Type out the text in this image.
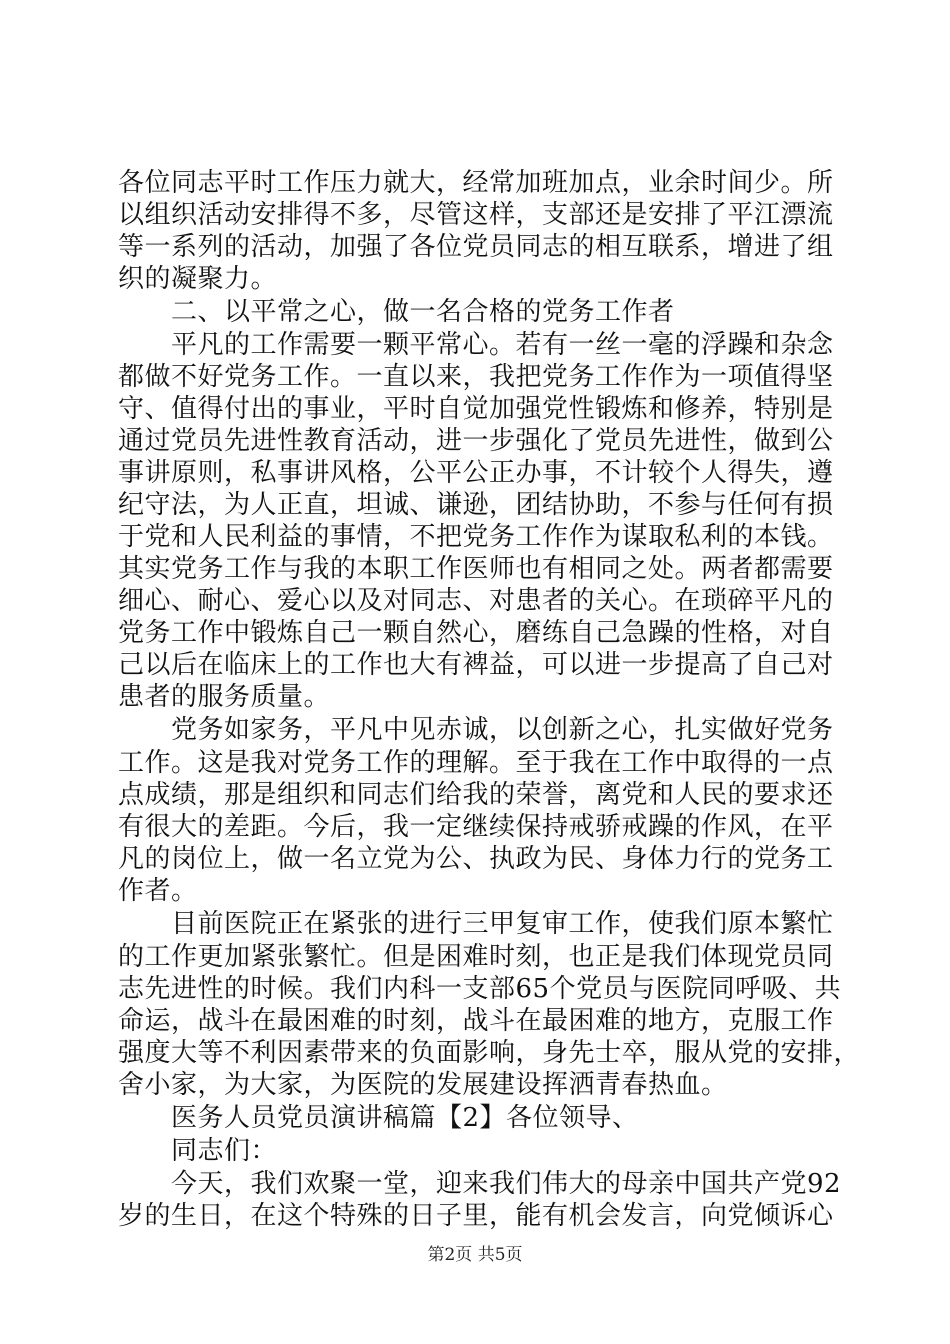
各位同志平时工作压力就大，经常加班加点，业余时间少。所
以组织活动安排得不多，尽管这样，支部还是安排了平江漂流
等一系列的活动，加强了各位党员同志的相互联系，增进了组
织的凝聚力。
　　二、以平常之心，做一名合格的党务工作者
　　平凡的工作需要一颗平常心。若有一丝一毫的浮躁和杂念
都做不好党务工作。一直以来，我把党务工作作为一项值得坚
守、值得付出的事业，平时自觉加强党性锻炼和修养，特别是
通过党员先进性教育活动，进一步强化了党员先进性，做到公
事讲原则，私事讲风格，公平公正办事，不计较个人得失，遵
纪守法，为人正直，坦诚、谦逊，团结协助，不参与任何有损
于党和人民利益的事情，不把党务工作作为谋取私利的本钱。
其实党务工作与我的本职工作医师也有相同之处。两者都需要
细心、耐心、爱心以及对同志、对患者的关心。在琐碎平凡的
党务工作中锻炼自己一颗自然心，磨练自己急躁的性格，对自
己以后在临床上的工作也大有裨益，可以进一步提高了自己对
患者的服务质量。
　　党务如家务，平凡中见赤诚，以创新之心，扎实做好党务
工作。这是我对党务工作的理解。至于我在工作中取得的一点
点成绩，那是组织和同志们给我的荣誉，离党和人民的要求还
有很大的差距。今后，我一定继续保持戒骄戒躁的作风，在平
凡的岗位上，做一名立党为公、执政为民、身体力行的党务工
作者。
　　目前医院正在紧张的进行三甲复审工作，使我们原本繁忙
的工作更加紧张繁忙。但是困难时刻，也正是我们体现党员同
志先进性的时候。我们内科一支部65个党员与医院同呼吸、共
命运，战斗在最困难的时刻，战斗在最困难的地方，克服工作
强度大等不利因素带来的负面影响，身先士卒，服从党的安排，
舍小家，为大家，为医院的发展建设挥洒青春热血。
　　医务人员党员演讲稿篇【2】各位领导、
　　同志们：
　　今天，我们欢聚一堂，迎来我们伟大的母亲中国共产党92
岁的生日，在这个特殊的日子里，能有机会发言，向党倾诉心
第2页 共5页
